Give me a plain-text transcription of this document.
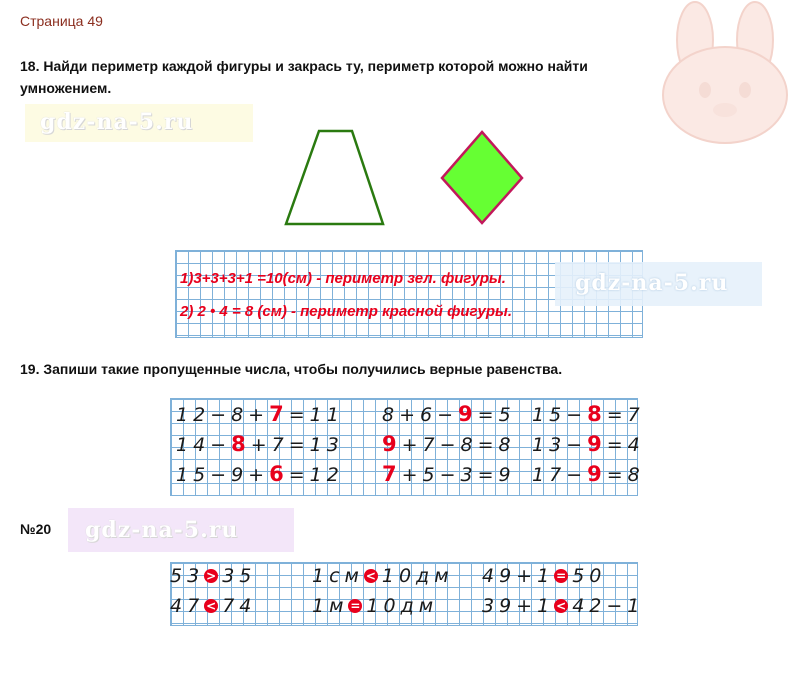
Страница 49
18. Найди периметр каждой фигуры и закрась ту, периметр которой можно найти
умножением.
gdz-na-5.ru
gdz-na-5.ru
1)3+3+3+1 =10(см) - периметр зел. фигуры.
2) 2 • 4 = 8 (см) - периметр красной фигуры.
19. Запиши такие пропущенные числа, чтобы получились верные равенства.
12−8+7=11 8+6−9=5 15−8=7
14−8+7=13 9+7−8=8 13−9=4
15−9+6=12 7+5−3=9 17−9=8
№20 gdz-na-5.ru
53 > 35	1см < 10дм 49+1 = 50
47 < 74	1м = 10дм 39+1 < 42−1
